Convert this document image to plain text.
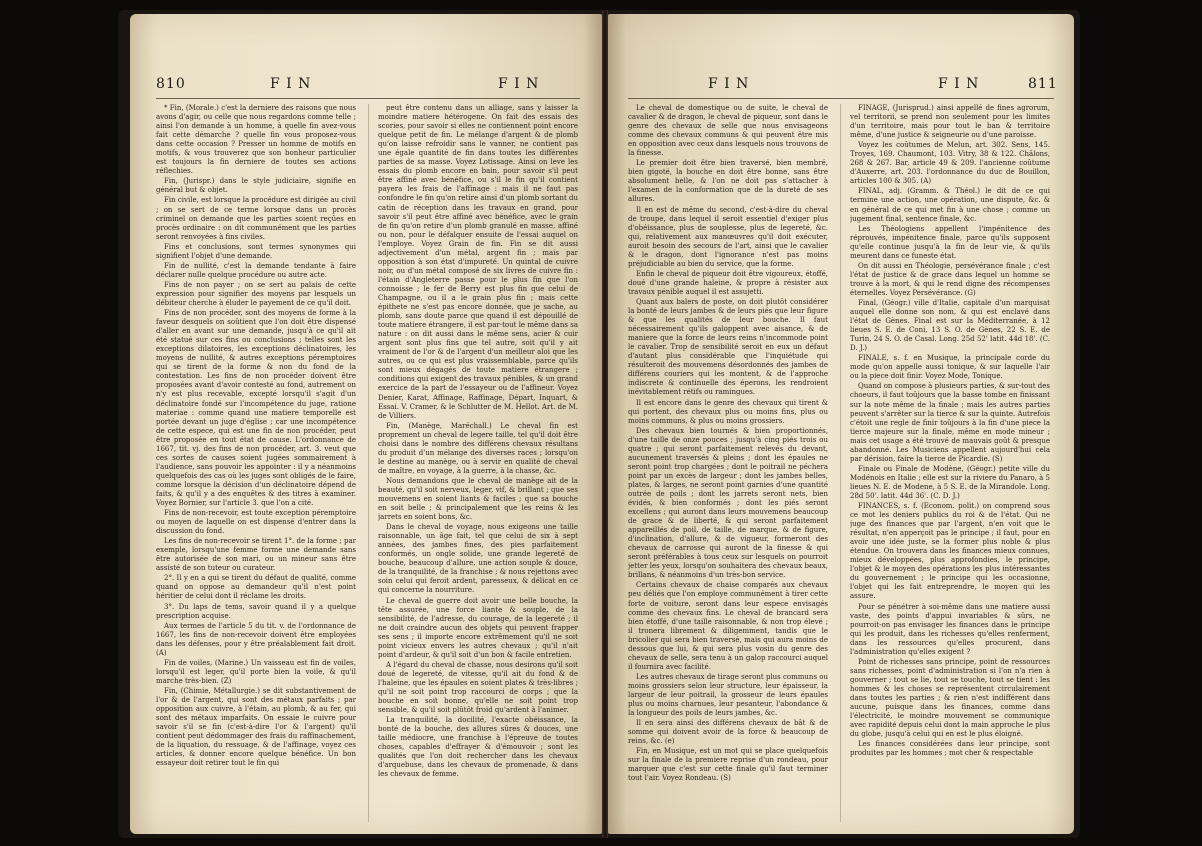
810	F I N	F I N

* Fin, (Morale.) c'est la derniere des raisons que nous avons d'agir, ou celle que nous regardons comme telle ; ainsi l'on demande à un homme, à quelle fin avez-vous fait cette démarche ? quelle fin vous proposez-vous dans cette occasion ? Presser un homme de motifs en motifs, & vous trouverez que son bonheur particulier est toujours la fin derniere de toutes ses actions réflechies.

Fin, (Jurispr.) dans le style judiciaire, signifie en général but & objet.

Fin civile, est lorsque la procédure est dirigée au civil ; on se sert de ce terme lorsque dans un procès criminel on demande que les parties soient reçûes en procès ordinaire : on dit communément que les parties seront renvoyées à fins civiles.

Fins et conclusions, sont termes synonymes qui signifient l'objet d'une demande.

Fin de nullité, c'est la demande tendante à faire déclarer nulle quelque procédure ou autre acte.

Fins de non payer ; on se sert au palais de cette expression pour signifier des moyens par lesquels un débiteur cherche à éluder le payement de ce qu'il doit.

Fins de non procéder, sont des moyens de forme à la faveur desquels on soûtient que l'on doit être dispensé d'aller en avant sur une demande, jusqu'à ce qu'il ait été statué sur ces fins ou conclusions ; telles sont les exceptions dilatoires, les exceptions déclinatoires, les moyens de nullité, & autres exceptions péremptoires qui se tirent de la forme & non du fond de la contestation. Les fins de non procéder doivent être proposées avant d'avoir contesté au fond, autrement on n'y est plus recevable, excepté lorsqu'il s'agit d'un déclinatoire fondé sur l'incompétence du juge, ratione materiae : comme quand une matiere temporelle est portée devant un juge d'église ; car une incompétence de cette espece, qui est une fin de non procéder, peut être proposée en tout état de cause. L'ordonnance de 1667, tit. vj. des fins de non procéder, art. 3. veut que ces sortes de causes soient jugées sommairement à l'audience, sans pouvoir les appointer : il y a néanmoins quelquefois des cas où les juges sont obligés de le faire, comme lorsque la décision d'un déclinatoire dépend de faits, & qu'il y a des enquêtes & des titres à examiner. Voyez Bornier, sur l'article 3. que l'on a cité.

Fins de non-recevoir, est toute exception péremptoire ou moyen de laquelle on est dispensé d'entrer dans la discussion du fond.

Les fins de non-recevoir se tirent 1°. de la forme ; par exemple, lorsqu'une femme forme une demande sans être autorisée de son mari, ou un mineur sans être assisté de son tuteur ou curateur.

2°. Il y en a qui se tirent du défaut de qualité, comme quand on oppose au demandeur qu'il n'est point héritier de celui dont il réclame les droits.

3°. Du laps de tems, savoir quand il y a quelque prescription acquise.

Aux termes de l'article 5 du tit. v. de l'ordonnance de 1667, les fins de non-recevoir doivent être employées dans les défenses, pour y être préalablement fait droit. (A)

Fin de voiles, (Marine.) Un vaisseau est fin de voiles, lorsqu'il est leger, qu'il porte bien la voile, & qu'il marche très-bien. (Z)

Fin, (Chimie, Métallurgie.) se dit substantivement de l'or & de l'argent, qui sont des métaux parfaits ; par opposition aux cuivre, à l'étain, au plomb, & au fer, qui sont des métaux imparfaits. On essaie le cuivre pour savoir s'il se fin (c'est-à-dire l'or & l'argent) qu'il contient peut dédommager des frais du raffinachement, de la liquation, du ressuage, & de l'affinage, voyez ces articles, & donner encore quelque bénéfice. Un bon essayeur doit retirer tout le fin qui

peut être contenu dans un alliage, sans y laisser la moindre matiere hétérogene. On fait des essais des scories, pour savoir si elles ne contiennent point encore quelque petit de fin. Le mélange d'argent & de plomb qu'on laisse refroidir sans le vanner, ne contient pas une égale quantité de fin dans toutes les différentes parties de sa masse. Voyez Lotissage. Ainsi on leve les essais du plomb encore en bain, pour savoir s'il peut être affiné avec bénéfice, ou s'il le fin qu'il contient payera les frais de l'affinage : mais il ne faut pas confondre le fin qu'on retire ainsi d'un plomb sortant du catin de réception dans les travaux en grand, pour savoir s'il peut être affiné avec bénéfice, avec le grain de fin qu'on retire d'un plomb granulé en masse, affiné ou non, pour le défalquer ensuite de l'essai auquel on l'employe. Voyez Grain de fin. Fin se dit aussi adjectivement d'un métal, argent fin ; mais par opposition à son état d'impureté. Un quintal de cuivre noir, ou d'un métal composé de six livres de cuivre fin : l'étain d'Angleterre passe pour le plus fin que l'on connoisse ; le fer de Berry est plus fin que celui de Champagne, ou il a le grain plus fin ; mais cette épithete ne s'est pas encore donnée, que je sache, au plomb, sans doute parce que quand il est dépouillé de toute matiere étrangere, il est par-tout le même dans sa nature : on dit aussi dans le même sens, acier & cuir argent sont plus fins que tel autre, soit qu'il y ait vraiment de l'or & de l'argent d'un meilleur aloi que les autres, ou ce qui est plus vraissemblable, parce qu'ils sont mieux dégagés de toute matiere étrangere ; conditions qui exigent des travaux pénibles, & un grand exercice de la part de l'essayeur ou de l'affineur. Voyez Denier, Karat, Affinage, Raffinage, Départ, Inquart, & Essai. V. Cramer, & le Schlutter de M. Hellot. Art. de M. de Villiers.

Fin, (Manège, Maréchall.) Le cheval fin est proprement un cheval de legere taille, tel qu'il doit être choisi dans le nombre des différens chevaux résultans du produit d'un mélange des diverses races ; lorsqu'on le destine au manège, ou à servir en qualité de cheval de maître, en voyage, à la guerre, à la chasse, &c.

Nous demandons que le cheval de manège ait de la beauté, qu'il soit nerveux, leger, vif, & brillant ; que ses mouvemens en soient liants & faciles ; que sa bouche en soit belle ; & principalement que les reins & les jarrets en soient bons, &c.

Dans le cheval de voyage, nous exigeons une taille raisonnable, un âge fait, tel que celui de six à sept années, des jambes fines, des pies parfaitement conformés, un ongle solide, une grande legereté de bouche, beaucoup d'allure, une action souple & douce, de la tranquilité, de la franchise ; & nous rejettons avec soin celui qui feroit ardent, paresseux, & délicat en ce qui concerne la nourriture.

Le cheval de guerre doit avoir une belle bouche, la tête assurée, une force liante & souple, de la sensibilité, de l'adresse, du courage, de la legereté ; il ne doit craindre aucun des objets qui peuvent frapper ses sens ; il importe encore extrêmement qu'il ne soit point vicieux envers les autres chevaux ; qu'il n'ait point d'ardeur, & qu'il soit d'un bon & facile entretien.

A l'égard du cheval de chasse, nous desirons qu'il soit doué de legereté, de vitesse, qu'il ait du fond & de l'haleine, que les épaules en soient plates & très-libres ; qu'il ne soit point trop raccourci de corps ; que la bouche en soit bonne, qu'elle ne soit point trop sensible, & qu'il soit plûtôt froid qu'ardent à l'animer.

La tranquilité, la docilité, l'exacte obéissance, la bonté de la bouche, des allures sûres & douces, une taille médiocre, une franchise à l'épreuve de toutes choses, capables d'effrayer & d'émouvoir ; sont les qualités que l'on doit rechercher dans les chevaux d'arquebuse, dans les chevaux de promenade, & dans les chevaux de femme.

F I N	F I N	811

Le cheval de domestique ou de suite, le cheval de cavalier & de dragon, le cheval de piqueur, sont dans le genre des chevaux de selle que nous envisageons comme des chevaux communs & qui peuvent être mis en opposition avec ceux dans lesquels nous trouvons de la finesse.

Le premier doit être bien traversé, bien membré, bien gigoté, la bouche en doit être bonne, sans être absolument belle, & l'on ne doit pas s'attacher à l'examen de la conformation que de la dureté de ses allures.

Il en est de même du second, c'est-à-dire du cheval de troupe, dans lequel il seroit essentiel d'exiger plus d'obéissance, plus de souplesse, plus de legereté, &c. qui, relativement aux manœuvres qu'il doit exécuter, auroit besoin des secours de l'art, ainsi que le cavalier & le dragon, dont l'ignorance n'est pas moins préjudiciable au bien du service, que la forme.

Enfin le cheval de piqueur doit être vigoureux, étoffé, doué d'une grande haleine, & propre à résister aux travaux pénible auquel il est assujetti.

Quant aux balers de poste, on doit plutôt considérer la bonté de leurs jambes & de leurs piés que leur figure & que les qualités de leur bouche. Il faut nécessairement qu'ils galoppent avec aisance, & de maniere que la force de leurs reins n'incommode point le cavalier. Trop de sensibilité seroit en eux un défaut d'autant plus considérable que l'inquiétude qui résulteroit des mouvemens désordonnés des jambes de différens couriers qui les montent, & de l'approche indiscrete & continuelle des éperons, les rendroient inévitablement rétifs ou ramingues.

Il est encore dans le genre des chevaux qui tirent & qui portent, des chevaux plus ou moins fins, plus ou moins communs, & plus ou moins grossiers.

Des chevaux bien tournés & bien proportionnés, d'une taille de onze pouces ; jusqu'à cinq piés trois ou quatre ; qui seront parfaitement relevés du devant, aucunement traversés & pleins ; dont les épaules ne seront point trop chargées ; dont le poitrail ne péchera point par un excès de largeur ; dont les jambes belles, plates, & larges, ne seront point garnies d'une quantité outrée de poils ; dont les jarrets seront nets, bien évidés, & bien conformés ; dont les piés seront excellens ; qui auront dans leurs mouvemens beaucoup de grace & de liberté, & qui seront parfaitement appareillés de poil, de taille, de marque, & de figure, d'inclination, d'allure, & de vigueur, formeront des chevaux de carrosse qui auront de la finesse & qui seront préférables à tous ceux sur lesquels on pourroit jetter les yeux, lorsqu'on souhaitera des chevaux beaux, brillans, & néanmoins d'un très-bon service.

Certains chevaux de chaise comparés aux chevaux peu déliés que l'on employe communément à tirer cette forte de voiture, seront dans leur espece envisagés comme des chevaux fins. Le cheval de brancard sera bien étoffé, d'une taille raisonnable, & non trop élevé ; il tronera librement & diligemment, tandis que le bricolier qui sera bien traversé, mais qui aura moins de dessous que lui, & qui sera plus vosin du genre des chevaux de selle, sera tenu à un galop raccourci auquel il fournira avec facilité.

Les autres chevaux de tirage seront plus communs ou moins grossiers selon leur structure, leur épaisseur, la largeur de leur poitrail, la grosseur de leurs épaules plus ou moins charnues, leur pesanteur, l'abondance & la longueur des poils de leurs jambes, &c.

Il en sera ainsi des différens chevaux de bât & de somme qui doivent avoir de la force & beaucoup de reins, &c. (e)

Fin, en Musique, est un mot qui se place quelquefois sur la finale de la premiere reprise d'un rondeau, pour marquer que c'est sur cette finale qu'il faut terminer tout l'air. Voyez Rondeau. (S)

FINAGE, (Jurisprud.) ainsi appellé de fines agrorum, vel territorii, se prend non seulement pour les limites d'un territoire, mais pour tout le ban & territoire même, d'une justice & seigneurie ou d'une paroisse.

Voyez les coûtumes de Melun, art. 302. Sens, 145. Troyes, 169. Chaumont, 103. Vitry, 38 & 122. Châlons, 268 & 267. Bar, article 49 & 209. l'ancienne coûtume d'Auxerre, art. 203. l'ordonnance du duc de Bouillon, articles 100 & 305. (A)

FINAL, adj. (Gramm. & Théol.) le dit de ce qui termine une action, une opération, une dispute, &c. & en général de ce qui met fin à une chose ; comme un jugement final, sentence finale, &c.

Les Théologiens appellent l'impénitence des réprouvés, impénitence finale, parce qu'ils supposent qu'elle continue jusqu'à la fin de leur vie, & qu'ils meurent dans ce funeste état.

On dit aussi en Théologie, persévérance finale ; c'est l'état de justice & de grace dans lequel un homme se trouve à la mort, & qui le rend digne des récompenses éternelles. Voyez Persévérance. (G)

Final, (Géogr.) ville d'Italie, capitale d'un marquisat auquel elle donne son nom, & qui est enclavé dans l'état de Gènes. Final est sur la Méditerranée, à 12 lieues S. E. de Coni, 13 S. O. de Gènes, 22 S. E. de Turin, 24 S. O. de Casal. Long. 25d 52' latit. 44d 18'. (C. D. J.)

FINALE, s. f. en Musique, la principale corde du mode qu'on appelle aussi tonique, & sur laquelle l'air ou la piece doit finir. Voyez Mode, Tonique.

Quand on compose à plusieurs parties, & sur-tout des choeurs, il faut toûjours que la basse tombe en finissant sur la note même de la finale ; mais les autres parties peuvent s'arrêter sur la tierce & sur la quinte. Autrefois c'étoit une regle de finir toûjours à la fin d'une piece la tierce majeure sur la finale, même en mode mineur ; mais cet usage a été trouvé de mauvais goût & presque abandonné. Les Musiciens appellent aujourd'hui cela par dérision, faire la tierce de Picardie. (S)

Finale ou Finale de Modène, (Géogr.) petite ville du Modénois en Italie ; elle est sur la riviere du Panaro, à 5 lieues N. E. de Modene, à 5 S. E. de la Mirandole. Long. 28d 50'. latit. 44d 36'. (C. D. J.)

FINANCES, s. f. (Econom. polit.) on comprend sous ce mot les deniers publics du roi & de l'état. Qui ne juge des finances que par l'argent, n'en voit que le résultat, n'en apperçoit pas le principe ; il faut, pour en avoir une idée juste, se la former plus noble & plus étendue. On trouvera dans les finances mieux connues, mieux développées, plus approfondies, le principe, l'objet & le moyen des opérations les plus intéressantes du gouvernement ; le principe qui les occasionne, l'objet qui les fait entreprendre, le moyen qui les assure.

Pour se pénétrer à soi-même dans une matiere aussi vaste, des points d'appui invariables & sûrs, ne pourroit-on pas envisager les finances dans le principe qui les produit, dans les richesses qu'elles renferment, dans les ressources qu'elles procurent, dans l'administration qu'elles exigent ?

Point de richesses sans principe, point de ressources sans richesses, point d'administration si l'on n'a rien à gouverner ; tout se lie, tout se touche, tout se tient : les hommes & les choses se représentent circulairement dans toutes les parties ; & rien n'est indifférent dans aucune, puisque dans les finances, comme dans l'électricité, le moindre mouvement se communique avec rapidité depuis celui dont la main approche le plus du globe, jusqu'à celui qui en est le plus éloigné.

Les finances considérées dans leur principe, sont produites par les hommes ; mot cher & respectable
